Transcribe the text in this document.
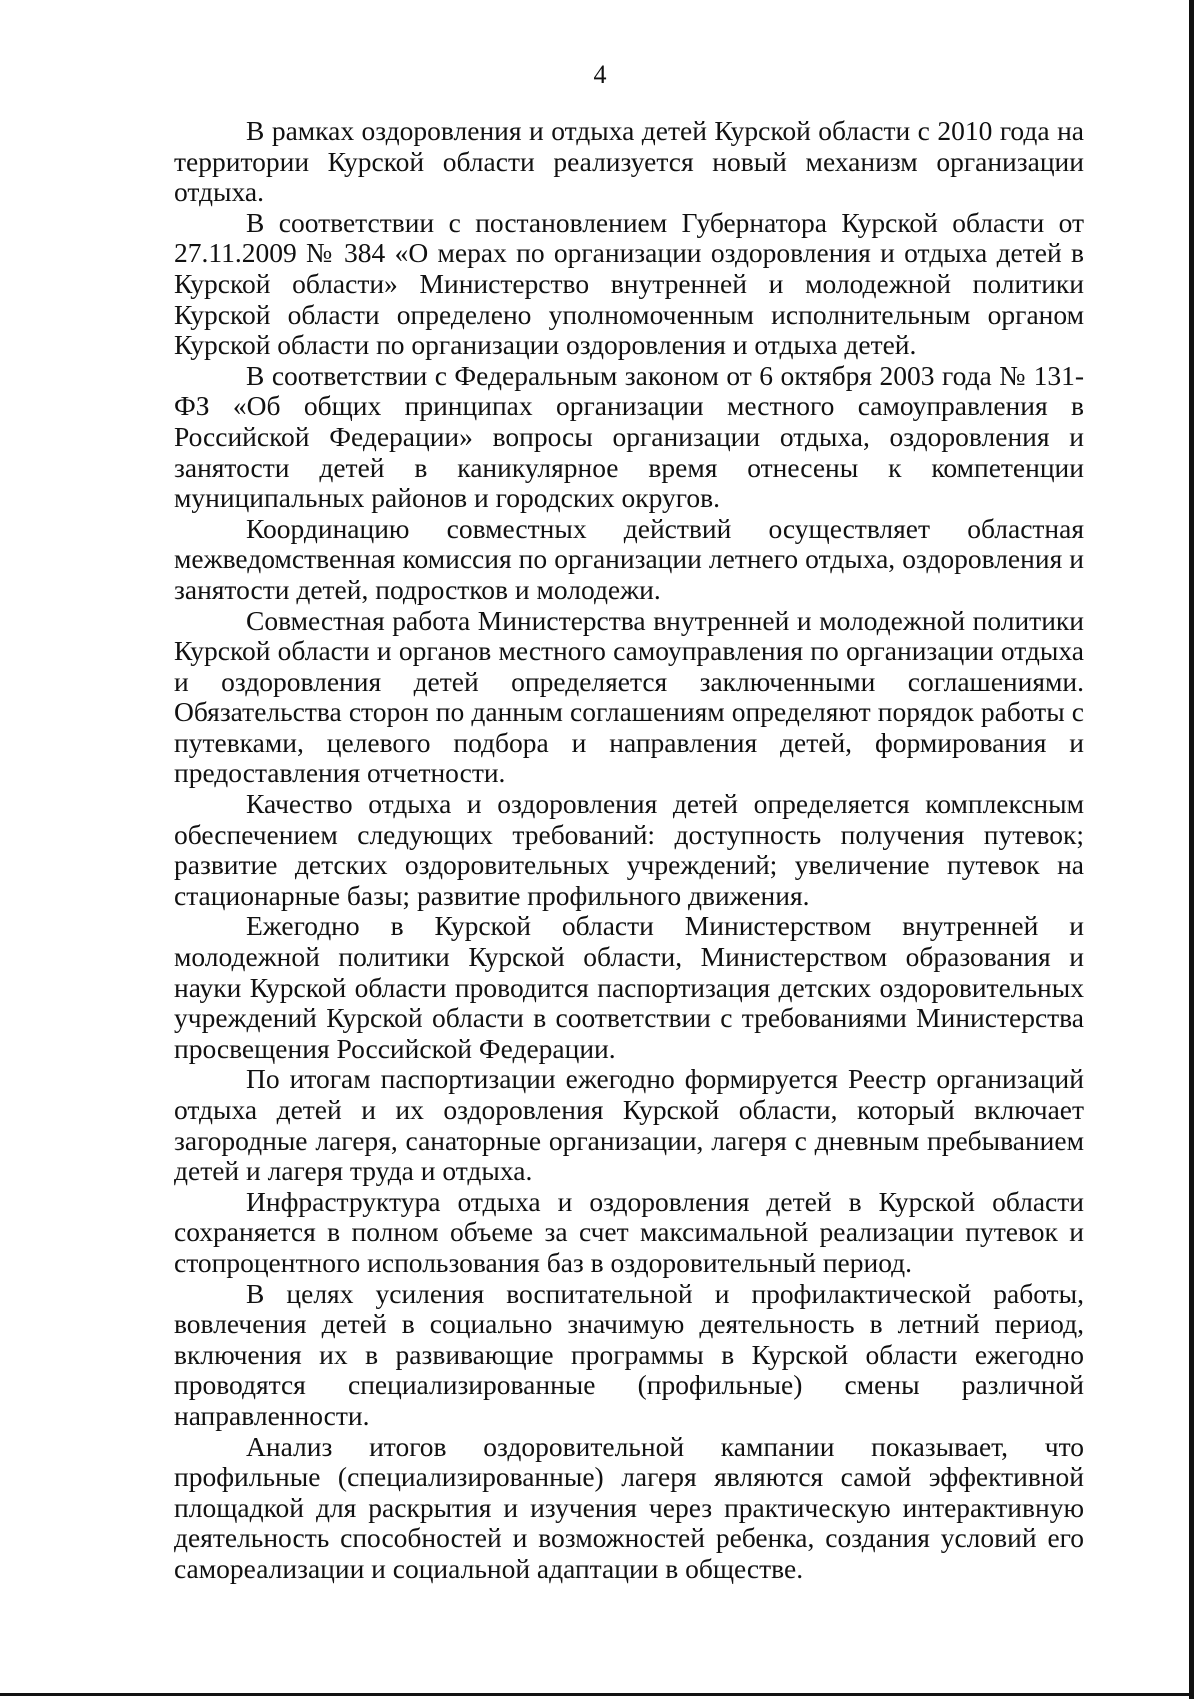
4

В рамках оздоровления и отдыха детей Курской области с 2010 года на территории Курской области реализуется новый механизм организации отдыха.

В соответствии с постановлением Губернатора Курской области от 27.11.2009 № 384 «О мерах по организации оздоровления и отдыха детей в Курской области» Министерство внутренней и молодежной политики Курской области определено уполномоченным исполнительным органом Курской области по организации оздоровления и отдыха детей.

В соответствии с Федеральным законом от 6 октября 2003 года № 131-ФЗ «Об общих принципах организации местного самоуправления в Российской Федерации» вопросы организации отдыха, оздоровления и занятости детей в каникулярное время отнесены к компетенции муниципальных районов и городских округов.

Координацию совместных действий осуществляет областная межведомственная комиссия по организации летнего отдыха, оздоровления и занятости детей, подростков и молодежи.

Совместная работа Министерства внутренней и молодежной политики Курской области и органов местного самоуправления по организации отдыха и оздоровления детей определяется заключенными соглашениями. Обязательства сторон по данным соглашениям определяют порядок работы с путевками, целевого подбора и направления детей, формирования и предоставления отчетности.

Качество отдыха и оздоровления детей определяется комплексным обеспечением следующих требований: доступность получения путевок; развитие детских оздоровительных учреждений; увеличение путевок на стационарные базы; развитие профильного движения.

Ежегодно в Курской области Министерством внутренней и молодежной политики Курской области, Министерством образования и науки Курской области проводится паспортизация детских оздоровительных учреждений Курской области в соответствии с требованиями Министерства просвещения Российской Федерации.

По итогам паспортизации ежегодно формируется Реестр организаций отдыха детей и их оздоровления Курской области, который включает загородные лагеря, санаторные организации, лагеря с дневным пребыванием детей и лагеря труда и отдыха.

Инфраструктура отдыха и оздоровления детей в Курской области сохраняется в полном объеме за счет максимальной реализации путевок и стопроцентного использования баз в оздоровительный период.

В целях усиления воспитательной и профилактической работы, вовлечения детей в социально значимую деятельность в летний период, включения их в развивающие программы в Курской области ежегодно проводятся специализированные (профильные) смены различной направленности.

Анализ итогов оздоровительной кампании показывает, что профильные (специализированные) лагеря являются самой эффективной площадкой для раскрытия и изучения через практическую интерактивную деятельность способностей и возможностей ребенка, создания условий его самореализации и социальной адаптации в обществе.
